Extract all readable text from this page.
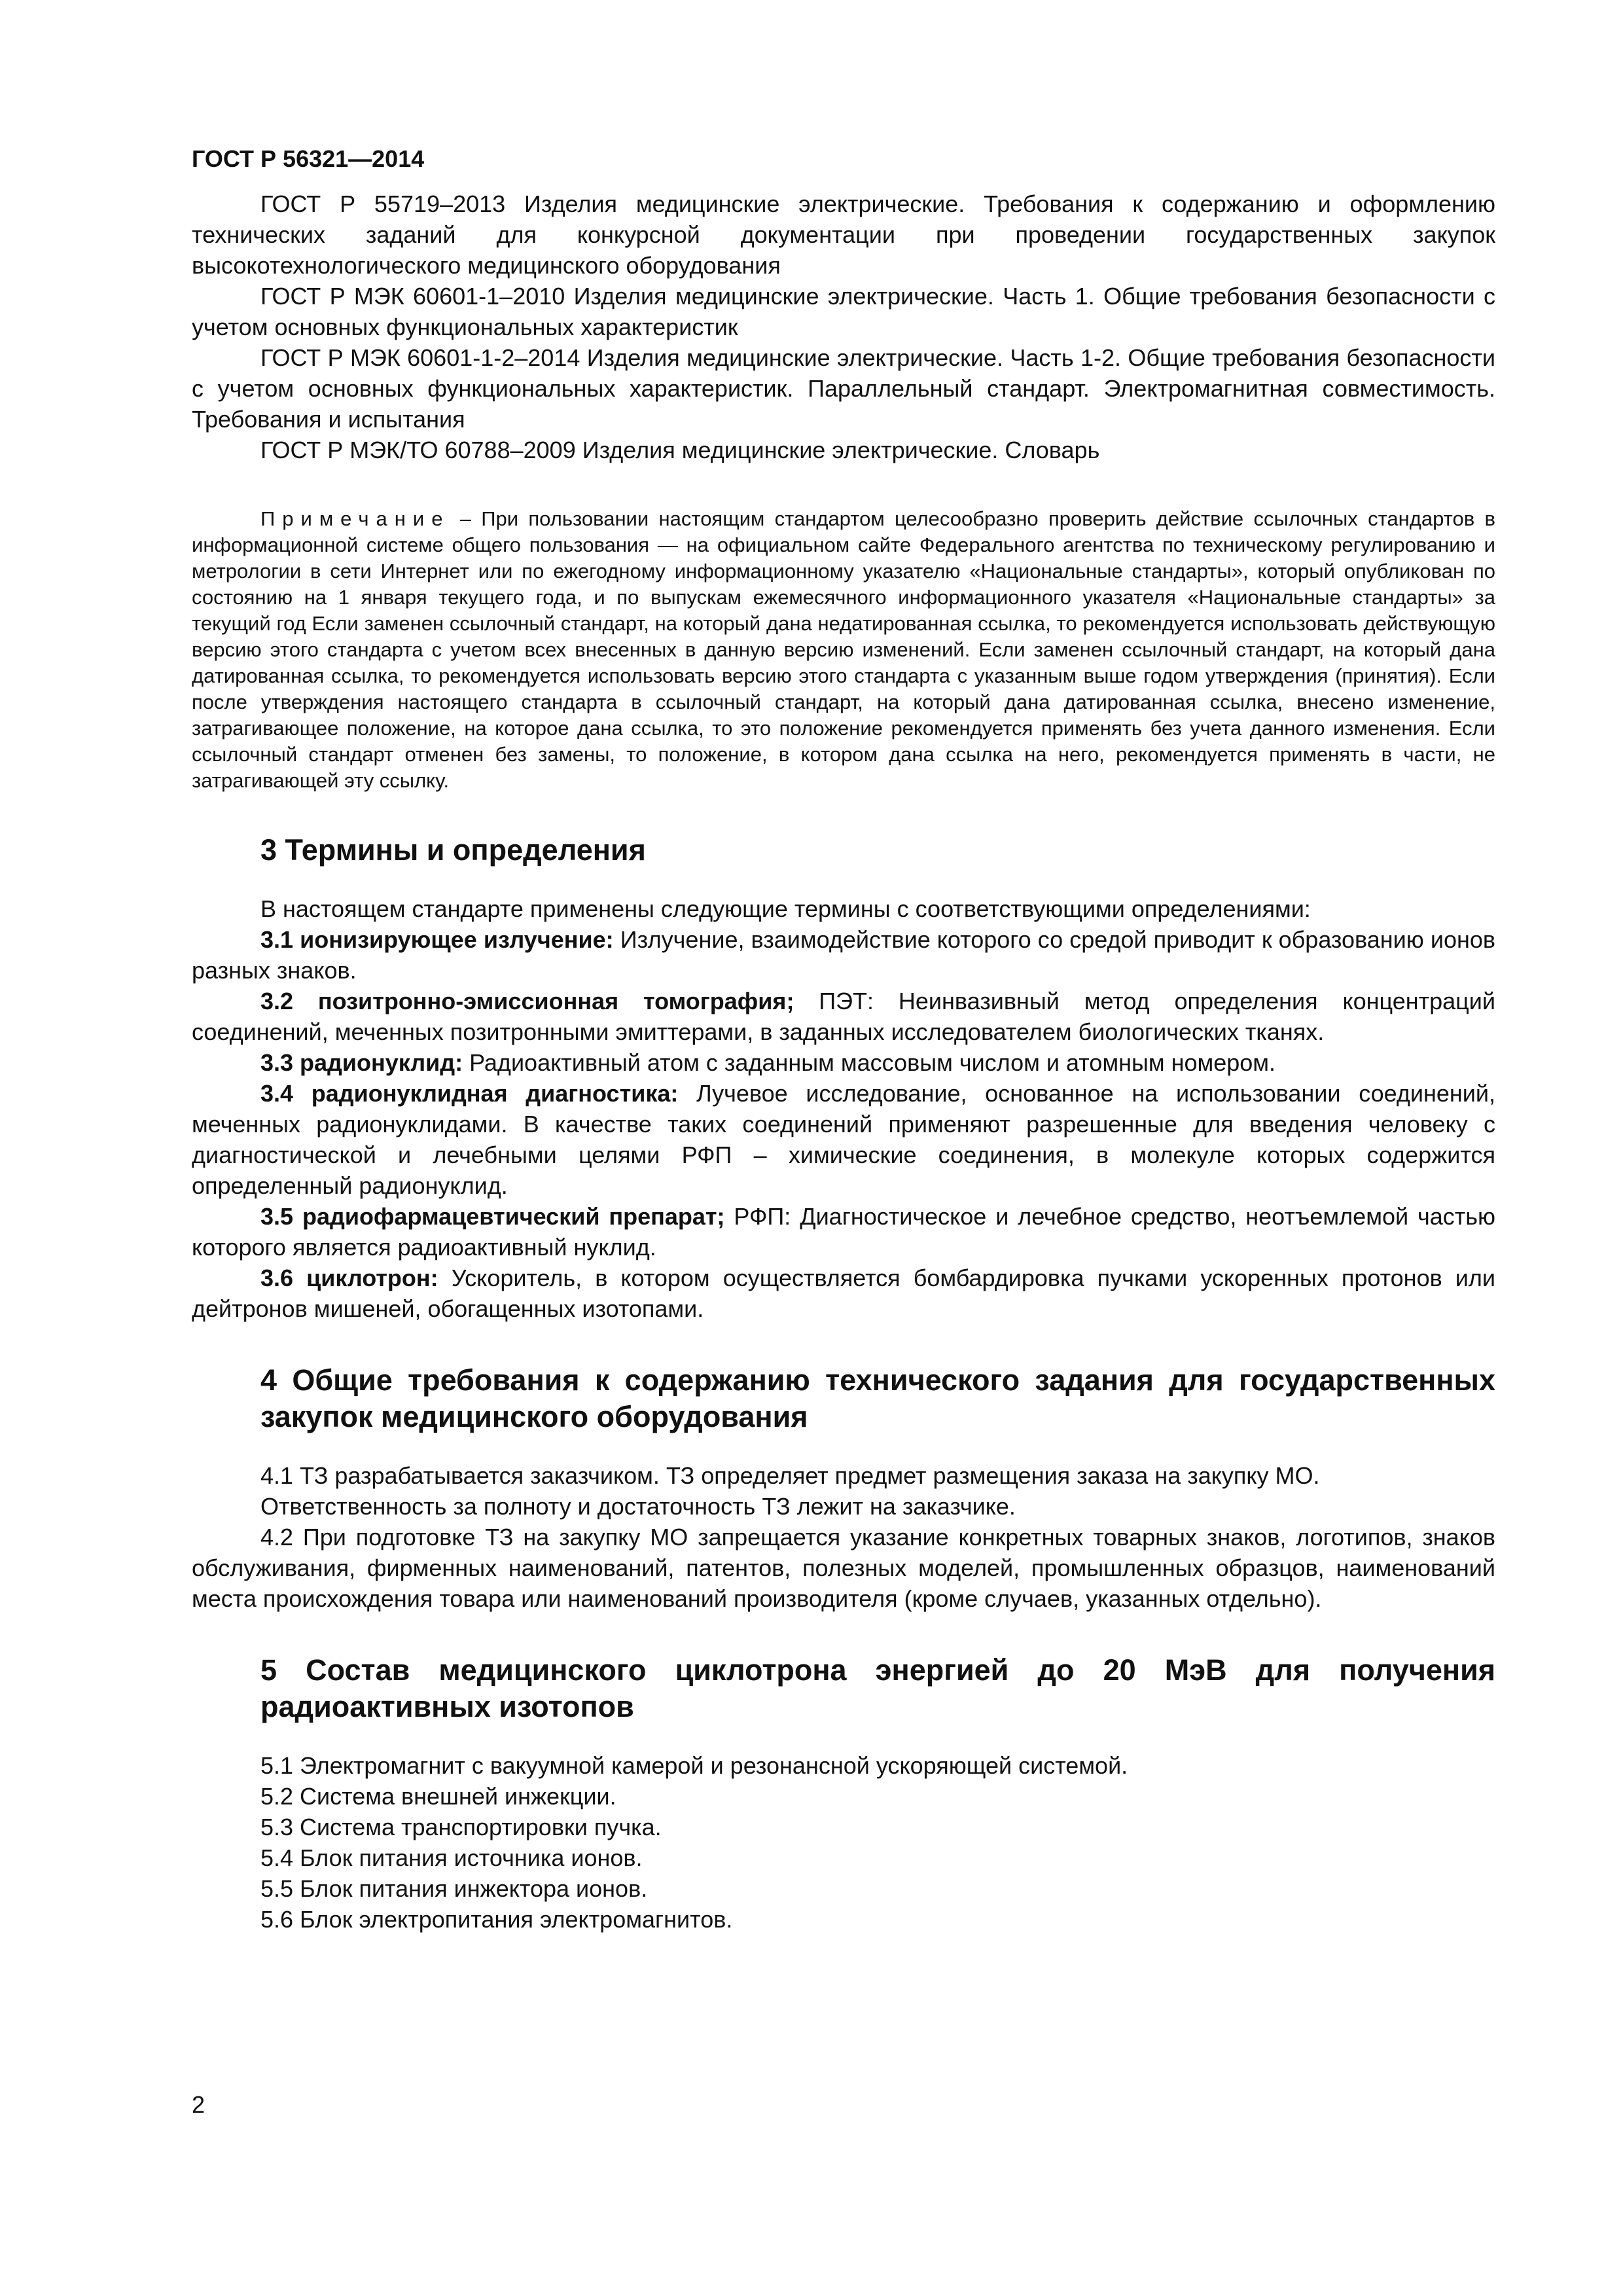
ГОСТ Р 56321—2014

ГОСТ Р 55719–2013 Изделия медицинские электрические. Требования к содержанию и оформлению технических заданий для конкурсной документации при проведении государственных закупок высокотехнологического медицинского оборудования

ГОСТ Р МЭК 60601-1–2010 Изделия медицинские электрические. Часть 1. Общие требования безопасности с учетом основных функциональных характеристик

ГОСТ Р МЭК 60601-1-2–2014 Изделия медицинские электрические. Часть 1-2. Общие требования безопасности с учетом основных функциональных характеристик. Параллельный стандарт. Электромагнитная совместимость. Требования и испытания

ГОСТ Р МЭК/ТО 60788–2009 Изделия медицинские электрические. Словарь

Примечание – При пользовании настоящим стандартом целесообразно проверить действие ссылочных стандартов в информационной системе общего пользования — на официальном сайте Федерального агентства по техническому регулированию и метрологии в сети Интернет или по ежегодному информационному указателю «Национальные стандарты», который опубликован по состоянию на 1 января текущего года, и по выпускам ежемесячного информационного указателя «Национальные стандарты» за текущий год Если заменен ссылочный стандарт, на который дана недатированная ссылка, то рекомендуется использовать действующую версию этого стандарта с учетом всех внесенных в данную версию изменений. Если заменен ссылочный стандарт, на который дана датированная ссылка, то рекомендуется использовать версию этого стандарта с указанным выше годом утверждения (принятия). Если после утверждения настоящего стандарта в ссылочный стандарт, на который дана датированная ссылка, внесено изменение, затрагивающее положение, на которое дана ссылка, то это положение рекомендуется применять без учета данного изменения. Если ссылочный стандарт отменен без замены, то положение, в котором дана ссылка на него, рекомендуется применять в части, не затрагивающей эту ссылку.

3 Термины и определения

В настоящем стандарте применены следующие термины с соответствующими определениями:

3.1 ионизирующее излучение: Излучение, взаимодействие которого со средой приводит к образованию ионов разных знаков.

3.2 позитронно-эмиссионная томография; ПЭТ: Неинвазивный метод определения концентраций соединений, меченных позитронными эмиттерами, в заданных исследователем биологических тканях.

3.3 радионуклид: Радиоактивный атом с заданным массовым числом и атомным номером.

3.4 радионуклидная диагностика: Лучевое исследование, основанное на использовании соединений, меченных радионуклидами. В качестве таких соединений применяют разрешенные для введения человеку с диагностической и лечебными целями РФП – химические соединения, в молекуле которых содержится определенный радионуклид.

3.5 радиофармацевтический препарат; РФП: Диагностическое и лечебное средство, неотъемлемой частью которого является радиоактивный нуклид.

3.6 циклотрон: Ускоритель, в котором осуществляется бомбардировка пучками ускоренных протонов или дейтронов мишеней, обогащенных изотопами.

4 Общие требования к содержанию технического задания для государственных закупок медицинского оборудования

4.1 ТЗ разрабатывается заказчиком. ТЗ определяет предмет размещения заказа на закупку МО.

Ответственность за полноту и достаточность ТЗ лежит на заказчике.

4.2 При подготовке ТЗ на закупку МО запрещается указание конкретных товарных знаков, логотипов, знаков обслуживания, фирменных наименований, патентов, полезных моделей, промышленных образцов, наименований места происхождения товара или наименований производителя (кроме случаев, указанных отдельно).

5 Состав медицинского циклотрона энергией до 20 МэВ для получения радиоактивных изотопов

5.1 Электромагнит с вакуумной камерой и резонансной ускоряющей системой.

5.2 Система внешней инжекции.

5.3 Система транспортировки пучка.

5.4 Блок питания источника ионов.

5.5 Блок питания инжектора ионов.

5.6 Блок электропитания электромагнитов.

2
